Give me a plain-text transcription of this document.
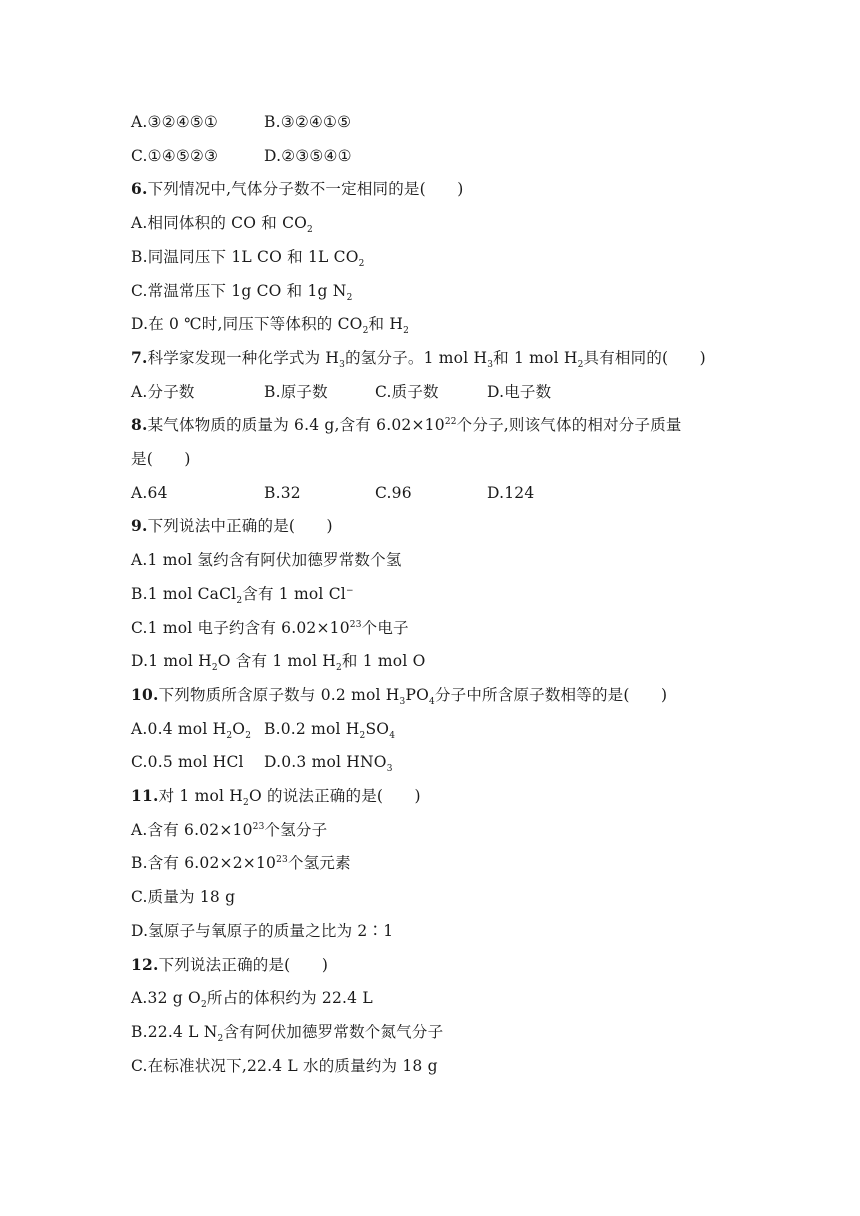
A.③②④⑤①	B.③②④①⑤
C.①④⑤②③	D.②③⑤④①
6.下列情况中,气体分子数不一定相同的是(　　)
A.相同体积的 CO 和 $CO_2$
B.同温同压下 1L CO 和 1L $CO_2$
C.常温常压下 1g CO 和 1g $N_2$
D.在 0 ℃时,同压下等体积的 $CO_2$和 $H_2$
7.科学家发现一种化学式为 $H_3$的氢分子。1 mol $H_3$和 1 mol $H_2$具有相同的(　　)
A.分子数	B.原子数	C.质子数	D.电子数
8.某气体物质的质量为 6.4 g,含有 $6.02\times 10^{22}$个分子,则该气体的相对分子质量
是(　　)
A.64	B.32	C.96	D.124
9.下列说法中正确的是(　　)
A.1 mol 氢约含有阿伏加德罗常数个氢
B.1 mol CaCl$_2$含有 1 mol Cl−
C.1 mol 电子约含有 $6.02\times 10^{23}$个电子
D.1 mol $H_2O$ 含有 1 mol $H_2$和 1 mol O
10.下列物质所含原子数与 0.2 mol $H_3PO_4$分子中所含原子数相等的是(　　)
A.0.4 mol $H_2O_2$ B.0.2 mol $H_2SO_4$
C.0.5 mol HCl D.0.3 mol $HNO_3$
11.对 1 mol $H_2O$ 的说法正确的是(　　)
A.含有 $6.02\times 10^{23}$个氢分子
B.含有 $6.02\times 2\times 10^{23}$个氢元素
C.质量为 18 g
D.氢原子与氧原子的质量之比为 2∶1
12.下列说法正确的是(　　)
A.32 g $O_2$所占的体积约为 22.4 L
B.22.4 L $N_2$含有阿伏加德罗常数个氮气分子
C.在标准状况下,22.4 L 水的质量约为 18 g
